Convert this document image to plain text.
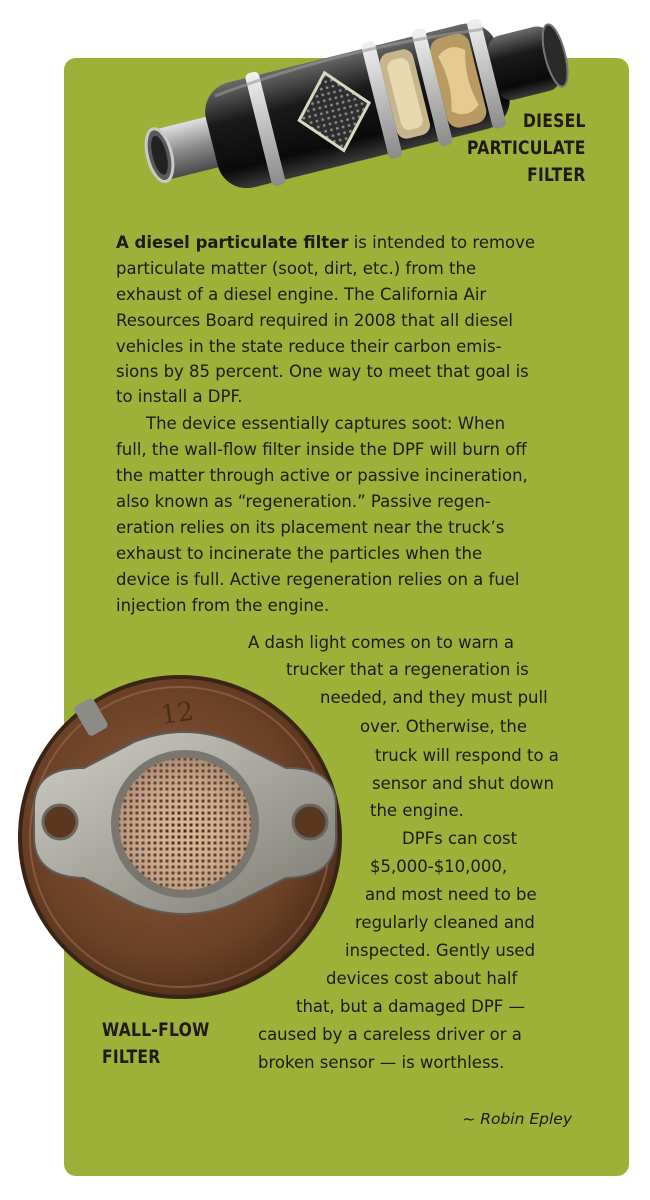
12
DIESEL
PARTICULATE
FILTER
A diesel particulate filter is intended to remove
particulate matter (soot, dirt, etc.) from the
exhaust of a diesel engine. The California Air
Resources Board required in 2008 that all diesel
vehicles in the state reduce their carbon emis-
sions by 85 percent. One way to meet that goal is
to install a DPF.
The device essentially captures soot: When
full, the wall-flow filter inside the DPF will burn off
the matter through active or passive incineration,
also known as “regeneration.” Passive regen-
eration relies on its placement near the truck’s
exhaust to incinerate the particles when the
device is full. Active regeneration relies on a fuel
injection from the engine.
A dash light comes on to warn a
trucker that a regeneration is
needed, and they must pull
over. Otherwise, the
truck will respond to a
sensor and shut down
the engine.
DPFs can cost
$5,000-$10,000,
and most need to be
regularly cleaned and
inspected. Gently used
devices cost about half
that, but a damaged DPF —
caused by a careless driver or a
broken sensor — is worthless.
WALL-FLOW
FILTER
~ Robin Epley
